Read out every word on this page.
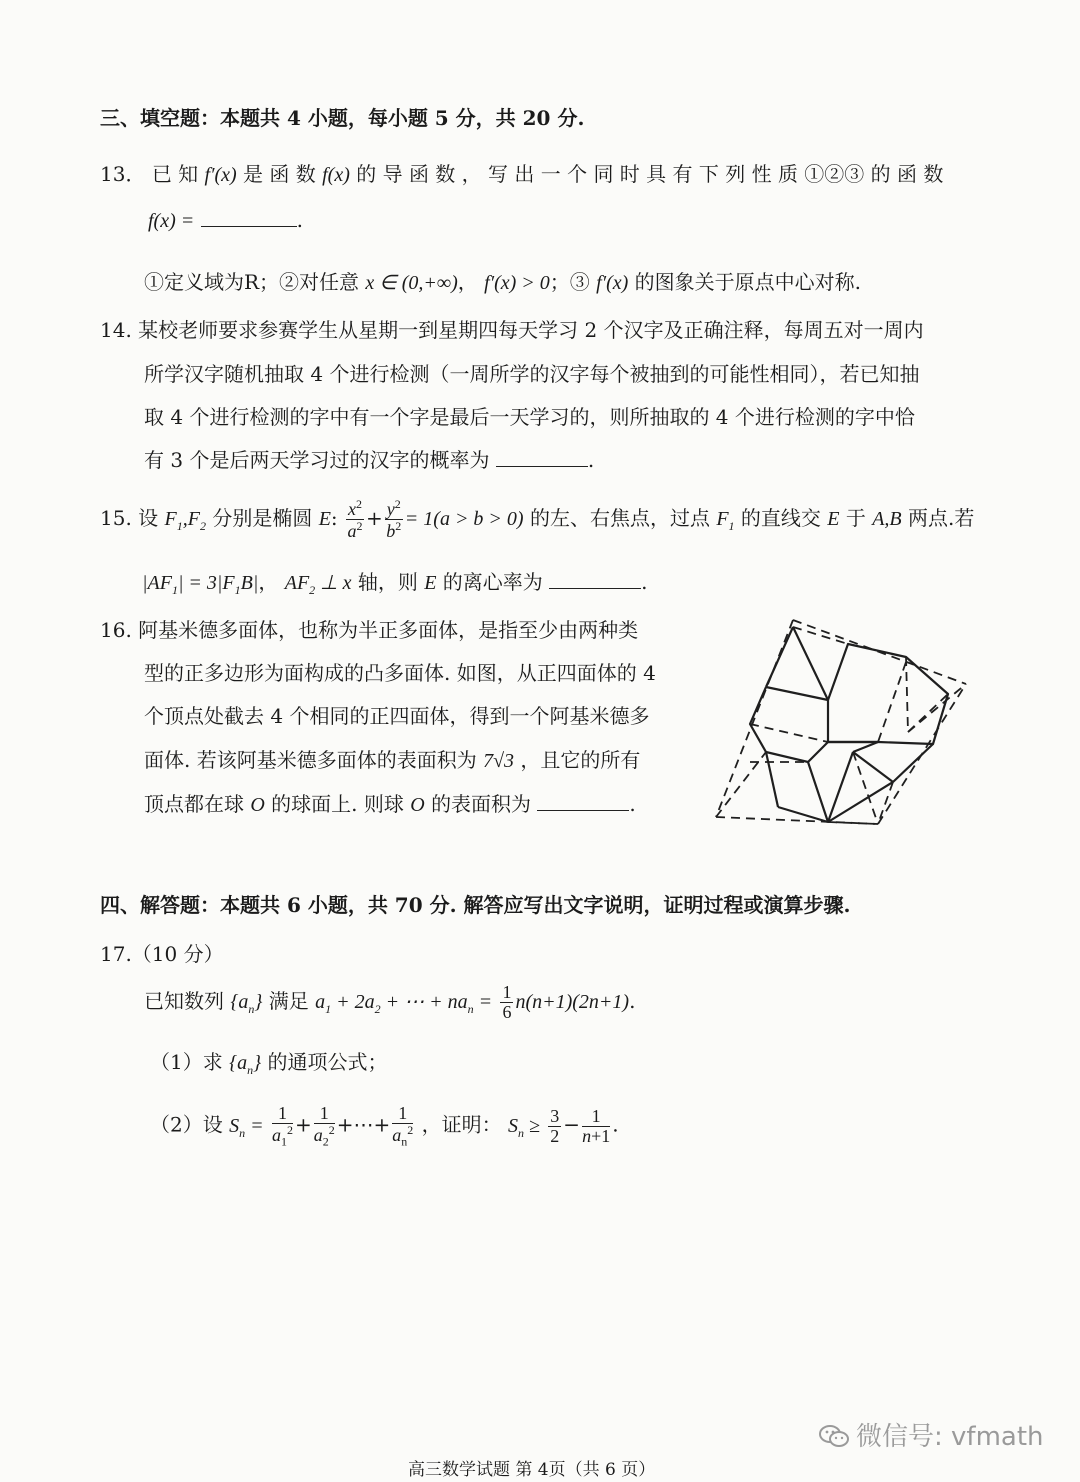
三、填空题：本题共 4 小题，每小题 5 分，共 20 分.
13． 已 知 f′(x) 是 函 数 f(x) 的 导 函 数 ， 写 出 一 个 同 时 具 有 下 列 性 质 ①②③ 的 函 数
f(x) =	.
①定义域为R；②对任意 x ∈ (0,+∞)， f′(x) > 0；③ f′(x) 的图象关于原点中心对称.
14. 某校老师要求参赛学生从星期一到星期四每天学习 2 个汉字及正确注释，每周五对一周内
所学汉字随机抽取 4 个进行检测（一周所学的汉字每个被抽到的可能性相同），若已知抽
取 4 个进行检测的字中有一个字是最后一天学习的，则所抽取的 4 个进行检测的字中恰
有 3 个是后两天学习过的汉字的概率为	.
15. 设 $F_1,F_2$ 分别是椭圆 E: $\frac{x^2}{a^2} + \frac{y^2}{b^2} = 1(a > b > 0)$ 的左、右焦点，过点 $F_1$ 的直线交 E 于 A,B 两点.若
$|AF_1| = 3|F_1B|$， $AF_2$ ⊥ x 轴，则 E 的离心率为	.
16. 阿基米德多面体，也称为半正多面体，是指至少由两种类
型的正多边形为面构成的凸多面体. 如图，从正四面体的 4
个顶点处截去 4 个相同的正四面体，得到一个阿基米德多
面体. 若该阿基米德多面体的表面积为 7√3 ，且它的所有
顶点都在球 O 的球面上. 则球 O 的表面积为	.
四、解答题：本题共 6 小题，共 70 分. 解答应写出文字说明，证明过程或演算步骤.
17.（10 分）
已知数列 $\{a_n\}$ 满足 $a_1 + 2a_2$ + ⋯ + $na_n = \frac{1}{6} n(n+1)(2n+1)$.
（1）求 $\{a_n\}$ 的通项公式；
（2）设 $S_n = \frac{1}{a_1^2} + \frac{1}{a_2^2}$ +⋯+ $\frac{1}{a_n^2}$ ，证明： $S_n \ge \frac{3}{2} - \frac{1}{n+1}$ .
微信号: vfmath
高三数学试题 第 4页（共 6 页）
